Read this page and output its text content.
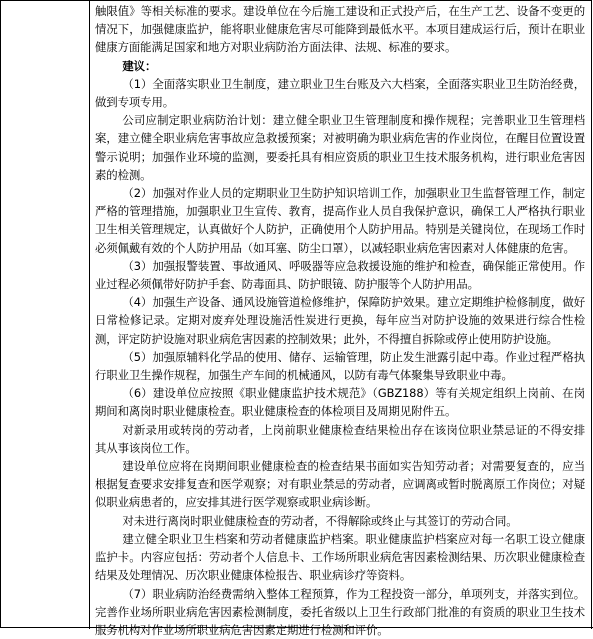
触限值》等相关标准的要求。建设单位在今后施工建设和正式投产后，在生产工艺、设备不变更的情况下，加强健康监护，能将职业健康危害尽可能降到最低水平。本项目建成运行后，预计在职业健康方面能满足国家和地方对职业病防治方面法律、法规、标准的要求。

建议：

（1）全面落实职业卫生制度，建立职业卫生台账及六大档案，全面落实职业卫生防治经费，做到专项专用。

公司应制定职业病防治计划：建立健全职业卫生管理制度和操作规程；完善职业卫生管理档案，建立健全职业病危害事故应急救援预案；对被明确为职业病危害的作业岗位，在醒目位置设置警示说明；加强作业环境的监测，要委托具有相应资质的职业卫生技术服务机构，进行职业危害因素的检测。

（2）加强对作业人员的定期职业卫生防护知识培训工作，加强职业卫生监督管理工作，制定严格的管理措施，加强职业卫生宣传、教育，提高作业人员自我保护意识，确保工人严格执行职业卫生相关管理规定，认真做好个人防护，正确使用个人防护用品。特别是关键岗位，在现场工作时必须佩戴有效的个人防护用品（如耳塞、防尘口罩），以减轻职业病危害因素对人体健康的危害。

（3）加强报警装置、事故通风、呼吸器等应急救援设施的维护和检查，确保能正常使用。作业过程必须佩带好防护手套、防毒面具、防护眼镜、防护服等个人防护用品。

（4）加强生产设备、通风设施管道检修维护，保障防护效果。建立定期维护检修制度，做好日常检修记录。定期对废弃处理设施活性炭进行更换，每年应当对防护设施的效果进行综合性检测，评定防护设施对职业病危害因素的控制效果；此外，不得擅自拆除或停止使用防护设施。

（5）加强原辅料化学品的使用、储存、运输管理，防止发生泄露引起中毒。作业过程严格执行职业卫生操作规程，加强生产车间的机械通风，以防有毒气体聚集导致职业中毒。

（6）建设单位应按照《职业健康监护技术规范》（GBZ188）等有关规定组织上岗前、在岗期间和离岗时职业健康检查。职业健康检查的体检项目及周期见附件五。

对新录用或转岗的劳动者，上岗前职业健康检查结果检出存在该岗位职业禁忌证的不得安排其从事该岗位工作。

建设单位应将在岗期间职业健康检查的检查结果书面如实告知劳动者；对需要复查的，应当根据复查要求安排复查和医学观察；对有职业禁忌的劳动者，应调离或暂时脱离原工作岗位；对疑似职业病患者的，应安排其进行医学观察或职业病诊断。

对未进行离岗时职业健康检查的劳动者，不得解除或终止与其签订的劳动合同。

建立健全职业卫生档案和劳动者健康监护档案。职业健康监护档案应对每一名职工设立健康监护卡。内容应包括：劳动者个人信息卡、工作场所职业病危害因素检测结果、历次职业健康检查结果及处理情况、历次职业健康体检报告、职业病诊疗等资料。

（7）职业病防治经费需纳入整体工程预算，作为工程投资一部分，单项列支，并落实到位。完善作业场所职业病危害因素检测制度，委托省级以上卫生行政部门批准的有资质的职业卫生技术服务机构对作业场所职业病危害因素定期进行检测和评价。
